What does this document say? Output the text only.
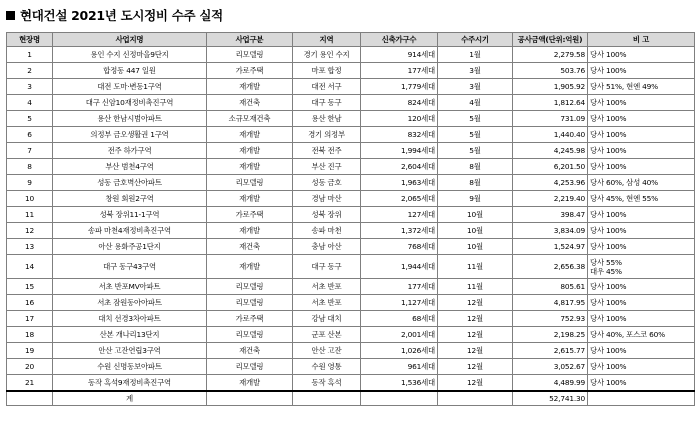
현대건설 2021년 도시정비 수주 실적
현장명	사업지명	사업구분	지역	신축가구수	수주시기	공사금액(단위:억원)	비 고
1	용인 수지 신정마을9단지	리모델링	경기 용인 수지	914세대	1월	2,279.58	당사 100%

2	합정동 447 일원	가로주택	마포 합정	177세대	3월	503.76	당사 100%

3	대전 도마·변동1구역	재개발	대전 서구	1,779세대	3월	1,905.92	당사 51%, 현엔 49%

4	대구 신암10재정비촉진구역	재건축	대구 동구	824세대	4월	1,812.64	당사 100%

5	용산 한남시범아파트	소규모재건축	용산 한남	120세대	5월	731.09	당사 100%

6	의정부 금오생활권 1구역	재개발	경기 의정부	832세대	5월	1,440.40	당사 100%

7	전주 하가구역	재개발	전북 전주	1,994세대	5월	4,245.98	당사 100%

8	부산 범천4구역	재개발	부산 진구	2,604세대	8월	6,201.50	당사 100%

9	성동 금호벽산아파트	리모델링	성동 금호	1,963세대	8월	4,253.96	당사 60%, 삼성 40%

10	창원 회원2구역	재개발	경남 마산	2,065세대	9월	2,219.40	당사 45%, 현엔 55%

11	성북 장위11-1구역	가로주택	성북 장위	127세대	10월	398.47	당사 100%

12	송파 마천4재정비촉진구역	재개발	송파 마천	1,372세대	10월	3,834.09	당사 100%

13	아산 용화주공1단지	재건축	충남 아산	768세대	10월	1,524.97	당사 100%

14	대구 동구43구역	재개발	대구 동구	1,944세대	11월	2,656.38	당사 55%
대우 45%

15	서초 반포MV아파트	리모델링	서초 반포	177세대	11월	805.61	당사 100%

16	서초 잠원동아아파트	리모델링	서초 반포	1,127세대	12월	4,817.95	당사 100%

17	대치 선경3차아파트	가로주택	강남 대치	68세대	12월	752.93	당사 100%

18	산본 개나리13단지	리모델링	군포 산본	2,001세대	12월	2,198.25	당사 40%, 포스코 60%

19	안산 고잔연립3구역	재건축	안산 고잔	1,026세대	12월	2,615.77	당사 100%

20	수원 신명동보아파트	리모델링	수원 영통	961세대	12월	3,052.67	당사 100%

21	동작 흑석9재정비촉진구역	재개발	동작 흑석	1,536세대	12월	4,489.99	당사 100%

	계					52,741.30	
